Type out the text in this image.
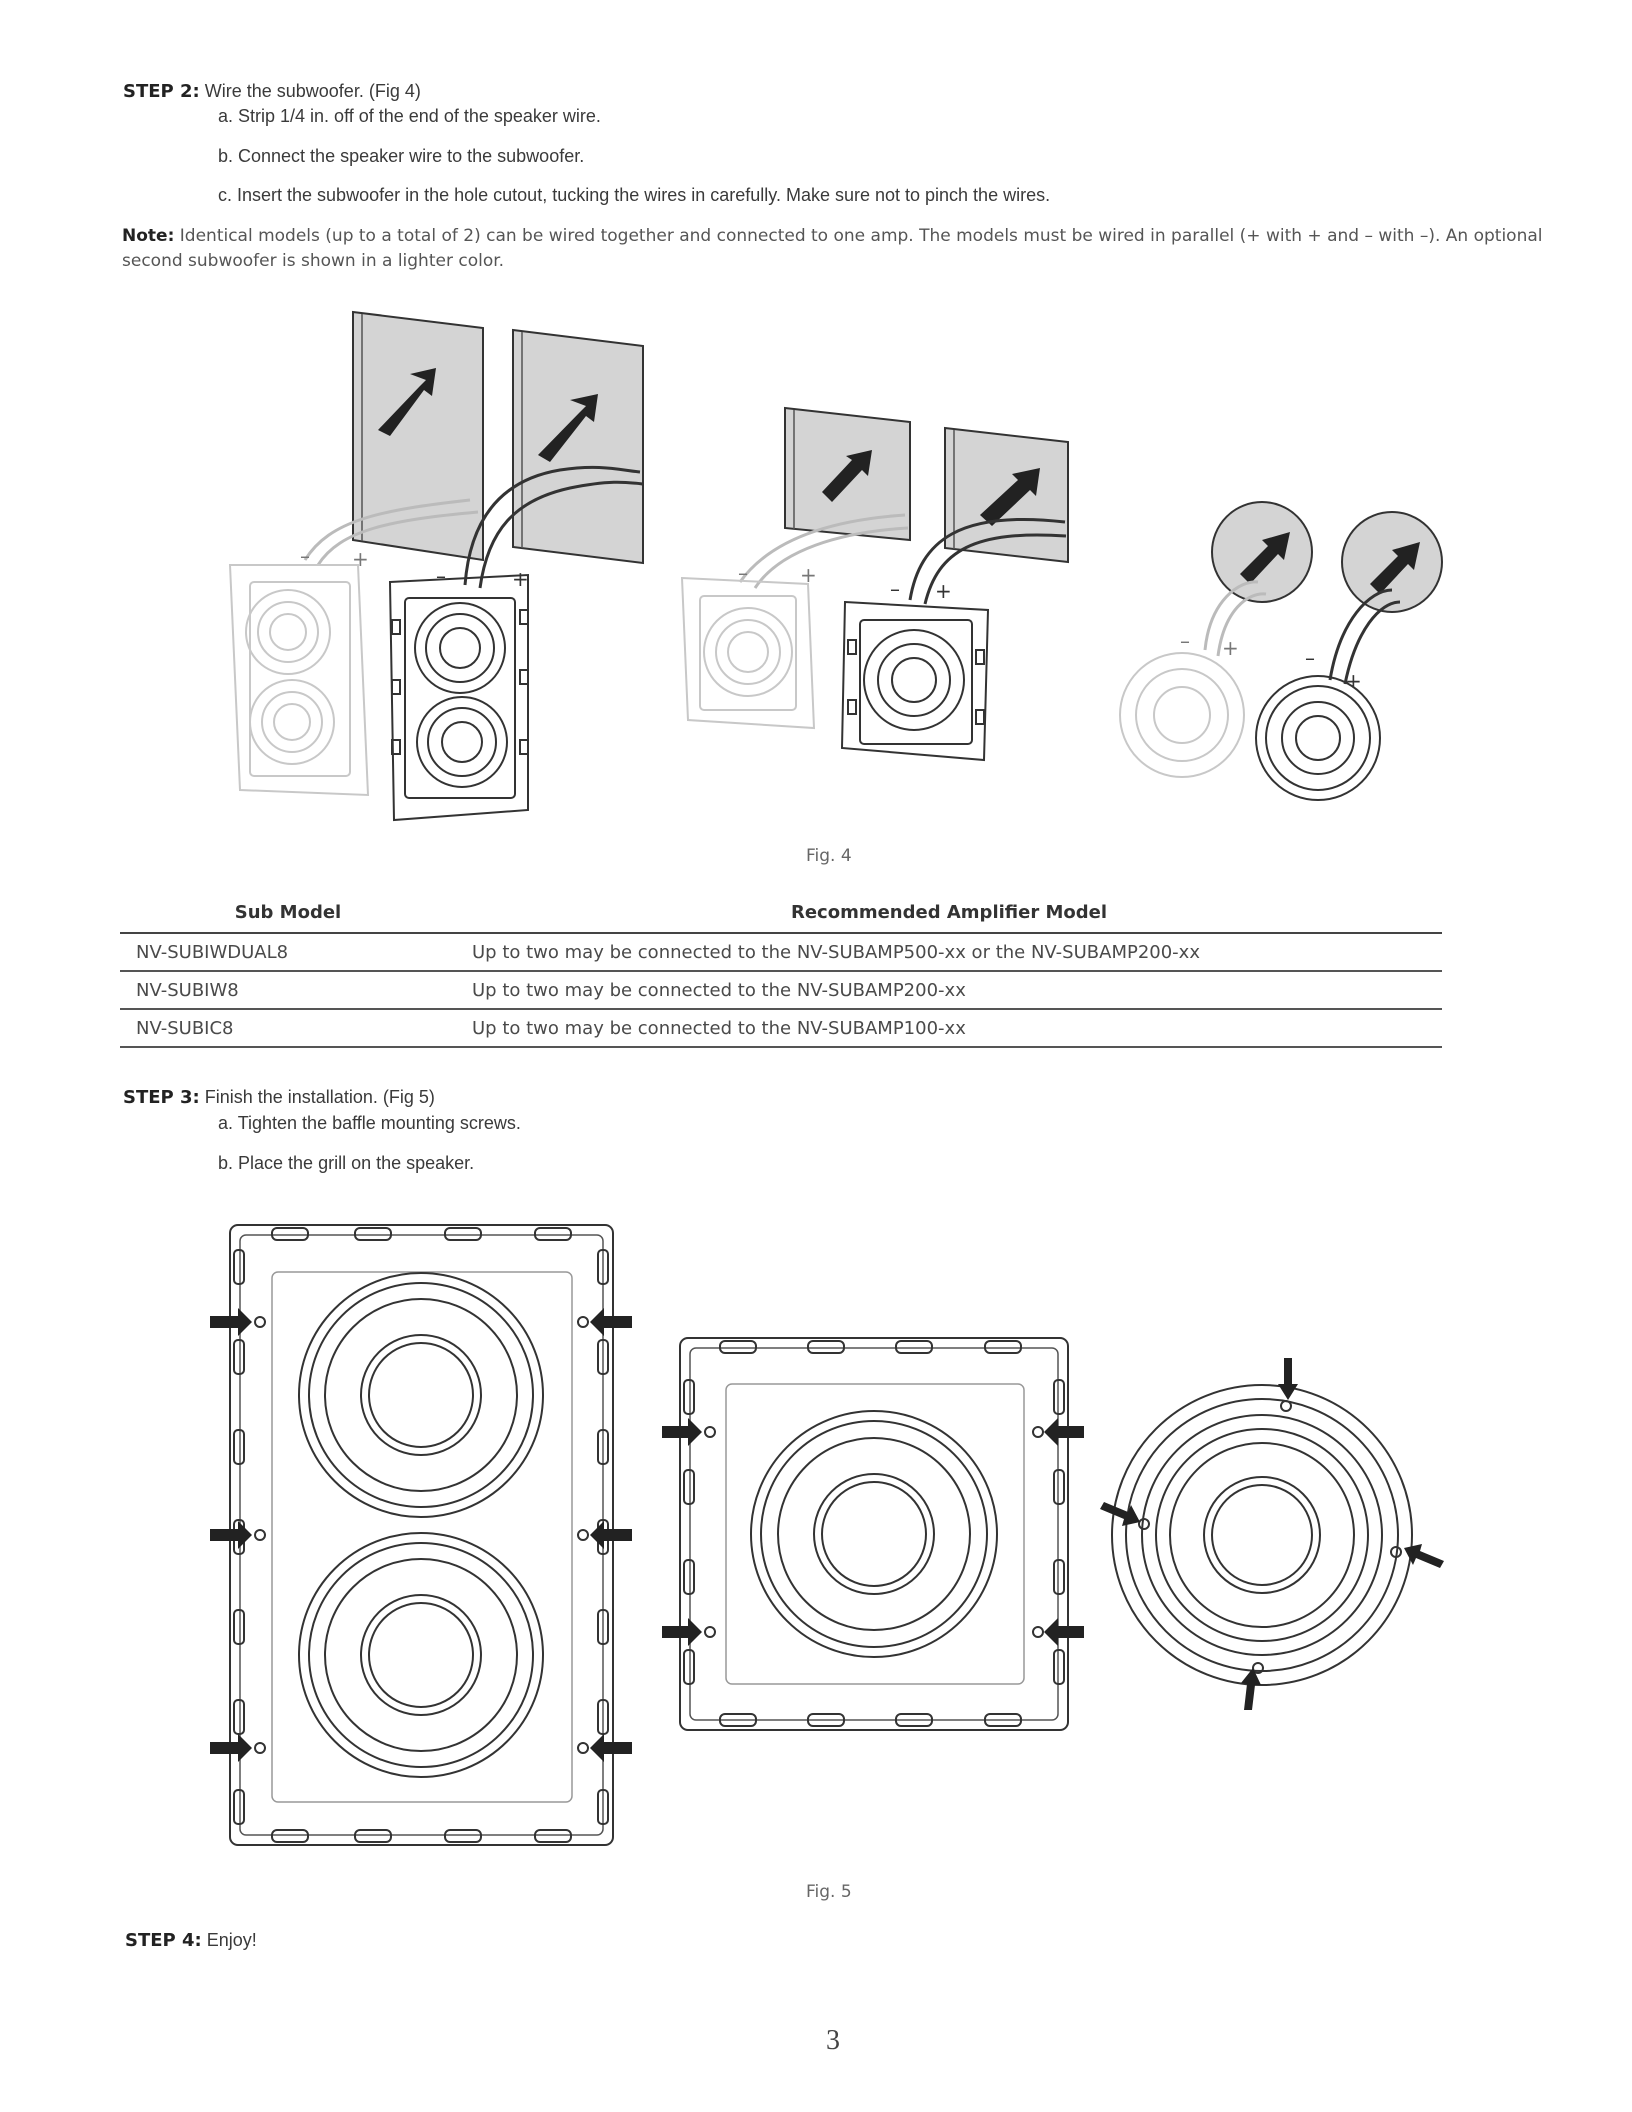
STEP 2: Wire the subwoofer. (Fig 4)
a. Strip 1/4 in. off of the end of the speaker wire.
b. Connect the speaker wire to the subwoofer.
c. Insert the subwoofer in the hole cutout, tucking the wires in carefully. Make sure not to pinch the wires.
Note: Identical models (up to a total of 2) can be wired together and connected to one amp. The models must be wired in parallel (+ with + and – with –). An optional second subwoofer is shown in a lighter color.
– +
–	+	–	+
– +
– +	–
+
Fig. 4
Sub Model	Recommended Amplifier Model
NV-SUBIWDUAL8	Up to two may be connected to the NV-SUBAMP500-xx or the NV-SUBAMP200-xx
NV-SUBIW8	Up to two may be connected to the NV-SUBAMP200-xx
NV-SUBIC8	Up to two may be connected to the NV-SUBAMP100-xx
STEP 3: Finish the installation. (Fig 5)
a. Tighten the baffle mounting screws.
b. Place the grill on the speaker.
Fig. 5
STEP 4: Enjoy!
3
